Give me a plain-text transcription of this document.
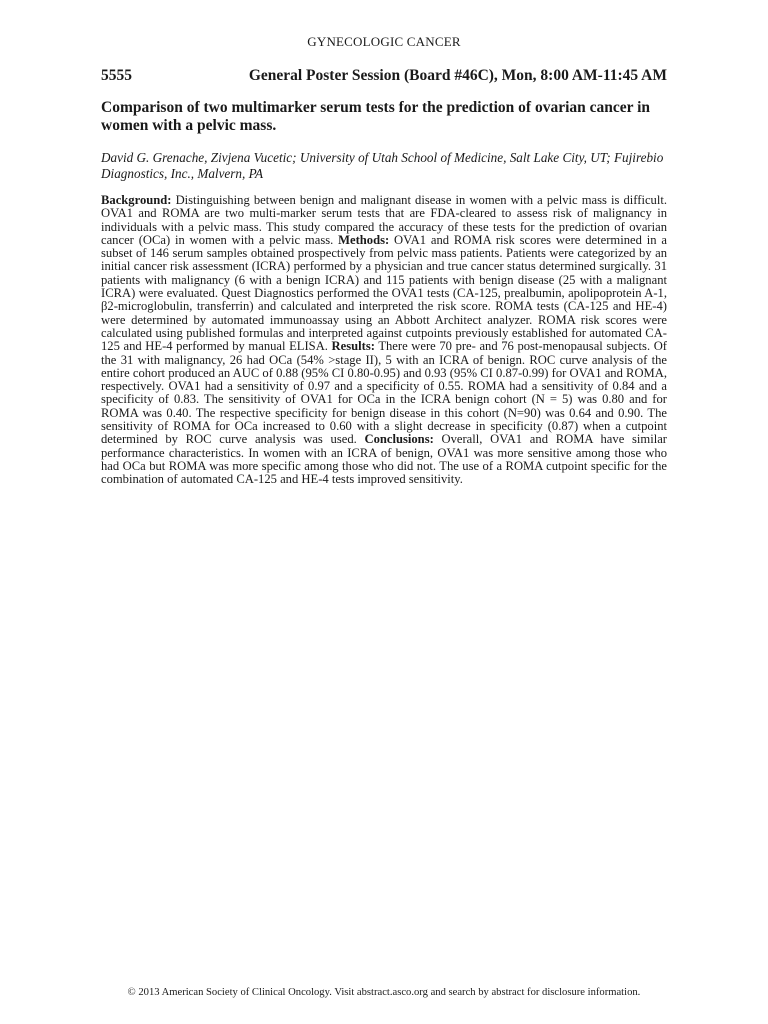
GYNECOLOGIC CANCER
5555	General Poster Session (Board #46C), Mon, 8:00 AM-11:45 AM
Comparison of two multimarker serum tests for the prediction of ovarian cancer in women with a pelvic mass.
David G. Grenache, Zivjena Vucetic; University of Utah School of Medicine, Salt Lake City, UT; Fujirebio Diagnostics, Inc., Malvern, PA
Background: Distinguishing between benign and malignant disease in women with a pelvic mass is difficult. OVA1 and ROMA are two multi-marker serum tests that are FDA-cleared to assess risk of malignancy in individuals with a pelvic mass. This study compared the accuracy of these tests for the prediction of ovarian cancer (OCa) in women with a pelvic mass. Methods: OVA1 and ROMA risk scores were determined in a subset of 146 serum samples obtained prospectively from pelvic mass patients. Patients were categorized by an initial cancer risk assessment (ICRA) performed by a physician and true cancer status determined surgically. 31 patients with malignancy (6 with a benign ICRA) and 115 patients with benign disease (25 with a malignant ICRA) were evaluated. Quest Diagnostics performed the OVA1 tests (CA-125, prealbumin, apolipoprotein A-1, β2-microglobulin, transferrin) and calculated and interpreted the risk score. ROMA tests (CA-125 and HE-4) were determined by automated immunoassay using an Abbott Architect analyzer. ROMA risk scores were calculated using published formulas and interpreted against cutpoints previously established for automated CA-125 and HE-4 performed by manual ELISA. Results: There were 70 pre- and 76 post-menopausal subjects. Of the 31 with malignancy, 26 had OCa (54% >stage II), 5 with an ICRA of benign. ROC curve analysis of the entire cohort produced an AUC of 0.88 (95% CI 0.80-0.95) and 0.93 (95% CI 0.87-0.99) for OVA1 and ROMA, respectively. OVA1 had a sensitivity of 0.97 and a specificity of 0.55. ROMA had a sensitivity of 0.84 and a specificity of 0.83. The sensitivity of OVA1 for OCa in the ICRA benign cohort (N = 5) was 0.80 and for ROMA was 0.40. The respective specificity for benign disease in this cohort (N=90) was 0.64 and 0.90. The sensitivity of ROMA for OCa increased to 0.60 with a slight decrease in specificity (0.87) when a cutpoint determined by ROC curve analysis was used. Conclusions: Overall, OVA1 and ROMA have similar performance characteristics. In women with an ICRA of benign, OVA1 was more sensitive among those who had OCa but ROMA was more specific among those who did not. The use of a ROMA cutpoint specific for the combination of automated CA-125 and HE-4 tests improved sensitivity.
© 2013 American Society of Clinical Oncology. Visit abstract.asco.org and search by abstract for disclosure information.
